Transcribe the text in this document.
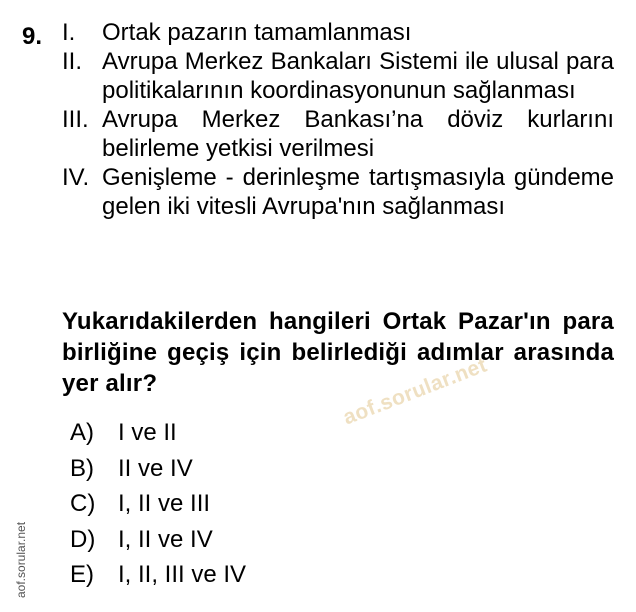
9. I. Ortak pazarın tamamlanması
II. Avrupa Merkez Bankaları Sistemi ile ulusal para politikalarının koordinasyonunun sağlanması
III. Avrupa Merkez Bankası’na döviz kurlarını belirleme yetkisi verilmesi
IV. Genişleme - derinleşme tartışmasıyla gündeme gelen iki vitesli Avrupa'nın sağlanması
Yukarıdakilerden hangileri Ortak Pazar'ın para birliğine geçiş için belirlediği adımlar arasında yer alır?	aof.sorular.net
A) I ve II
B) II ve IV
C) I, II ve III
D) I, II ve IV
E) I, II, III ve IV
aof.sorular.net
